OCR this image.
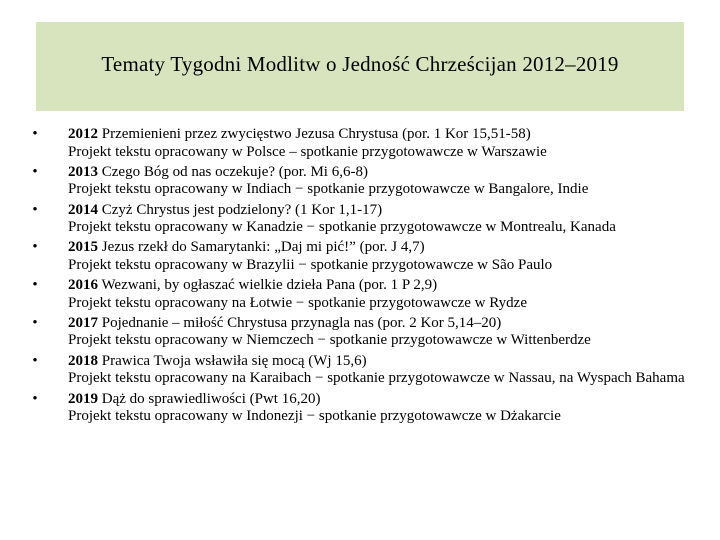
Tematy Tygodni Modlitw o Jedność Chrześcijan 2012–2019
• 2012 Przemienieni przez zwycięstwo Jezusa Chrystusa (por. 1 Kor 15,51-58)
Projekt tekstu opracowany w Polsce – spotkanie przygotowawcze w Warszawie
• 2013 Czego Bóg od nas oczekuje? (por. Mi 6,6-8)
Projekt tekstu opracowany w Indiach − spotkanie przygotowawcze w Bangalore, Indie
• 2014 Czyż Chrystus jest podzielony? (1 Kor 1,1-17)
Projekt tekstu opracowany w Kanadzie − spotkanie przygotowawcze w Montrealu, Kanada
• 2015 Jezus rzekł do Samarytanki: „Daj mi pić!” (por. J 4,7)
Projekt tekstu opracowany w Brazylii − spotkanie przygotowawcze w São Paulo
• 2016 Wezwani, by ogłaszać wielkie dzieła Pana (por. 1 P 2,9)
Projekt tekstu opracowany na Łotwie − spotkanie przygotowawcze w Rydze
• 2017 Pojednanie – miłość Chrystusa przynagla nas (por. 2 Kor 5,14–20)
Projekt tekstu opracowany w Niemczech − spotkanie przygotowawcze w Wittenberdze
• 2018 Prawica Twoja wsławiła się mocą (Wj 15,6)
Projekt tekstu opracowany na Karaibach − spotkanie przygotowawcze w Nassau, na Wyspach Bahama
• 2019 Dąż do sprawiedliwości (Pwt 16,20)
Projekt tekstu opracowany w Indonezji − spotkanie przygotowawcze w Dżakarcie
